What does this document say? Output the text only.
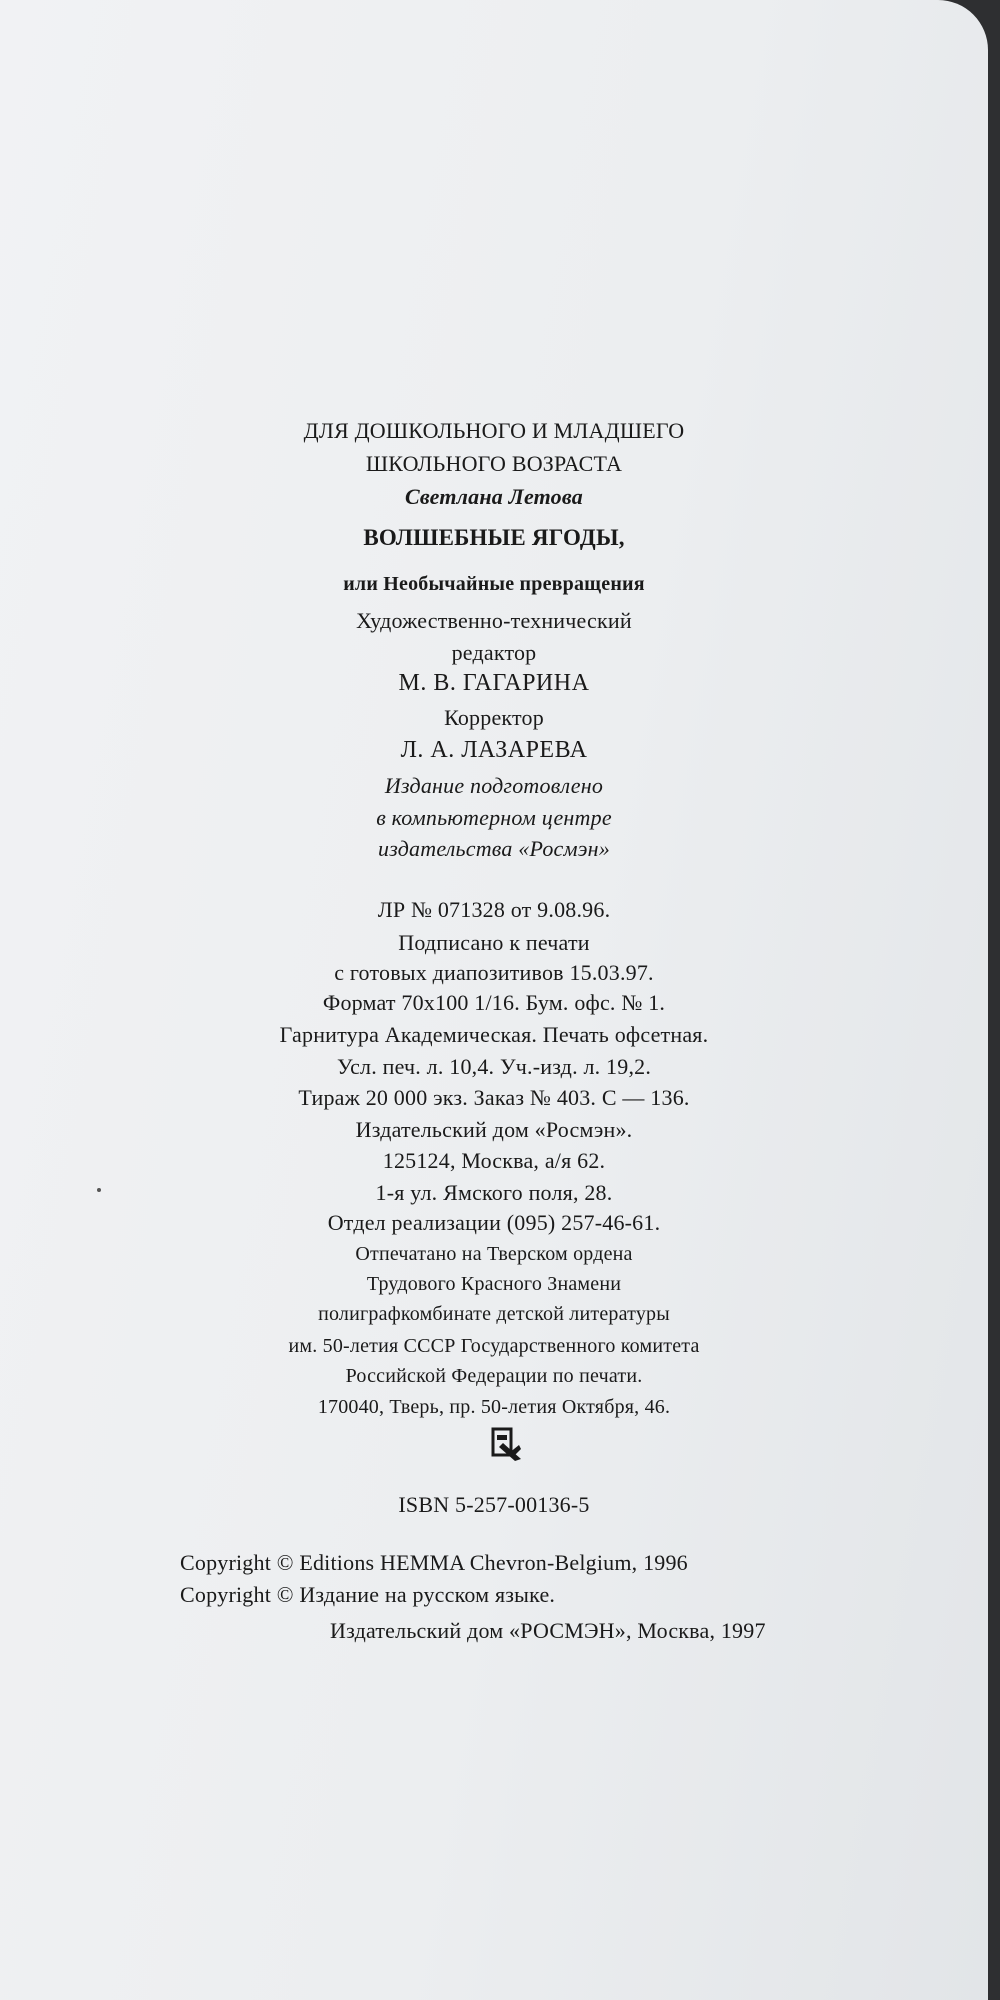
ДЛЯ ДОШКОЛЬНОГО И МЛАДШЕГО
ШКОЛЬНОГО ВОЗРАСТА
Светлана Летова
ВОЛШЕБНЫЕ ЯГОДЫ,
или Необычайные превращения
Художественно-технический
редактор
М. В. ГАГАРИНА
Корректор
Л. А. ЛАЗАРЕВА
Издание подготовлено
в компьютерном центре
издательства «Росмэн»
ЛР № 071328 от 9.08.96.
Подписано к печати
с готовых диапозитивов 15.03.97.
Формат 70x100 1/16. Бум. офс. № 1.
Гарнитура Академическая. Печать офсетная.
Усл. печ. л. 10,4. Уч.-изд. л. 19,2.
Тираж 20 000 экз. Заказ № 403. С — 136.
Издательский дом «Росмэн».
125124, Москва, а/я 62.
1-я ул. Ямского поля, 28.
Отдел реализации (095) 257-46-61.
Отпечатано на Тверском ордена
Трудового Красного Знамени
полиграфкомбинате детской литературы
им. 50-летия СССР Государственного комитета
Российской Федерации по печати.
170040, Тверь, пр. 50-летия Октября, 46.
ISBN 5-257-00136-5
Copyright © Editions HEMMA Chevron-Belgium, 1996
Copyright © Издание на русском языке.
Издательский дом «РОСМЭН», Москва, 1997
